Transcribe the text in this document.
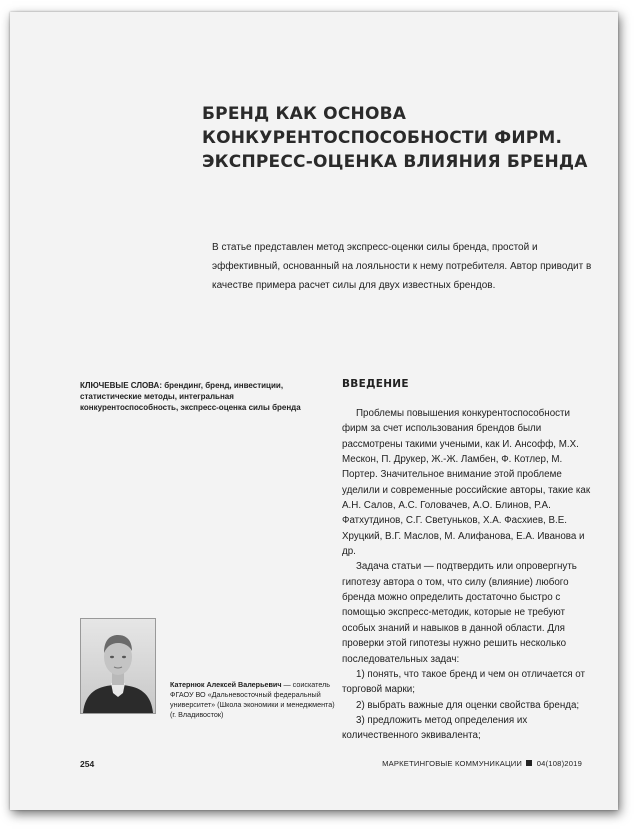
БРЕНД КАК ОСНОВА
КОНКУРЕНТОСПОСОБНОСТИ ФИРМ.
ЭКСПРЕСС-ОЦЕНКА ВЛИЯНИЯ БРЕНДА
В статье представлен метод экспресс-оценки силы бренда, простой и эффективный, основанный на лояльности к нему потребителя. Автор приводит в качестве примера расчет силы для двух известных брендов.
КЛЮЧЕВЫЕ СЛОВА: брендинг, бренд, инвестиции, статистические методы, интегральная конкурентоспособность, экспресс-оценка силы бренда
ВВЕДЕНИЕ

Проблемы повышения конкурентоспособности фирм за счет использования брендов были рассмотрены такими учеными, как И. Ансофф, М.Х. Мескон, П. Друкер, Ж.-Ж. Ламбен, Ф. Котлер, М. Портер. Значительное внимание этой проблеме уделили и современные российские авторы, такие как А.Н. Салов, А.С. Головачев, А.О. Блинов, Р.А. Фатхутдинов, С.Г. Светуньков, Х.А. Фасхиев, В.Е. Хруцкий, В.Г. Маслов, М. Алифанова, Е.А. Иванова и др.

Задача статьи — подтвердить или опровергнуть гипотезу автора о том, что силу (влияние) любого бренда можно определить достаточно быстро с помощью экспресс-методик, которые не требуют особых знаний и навыков в данной области. Для проверки этой гипотезы нужно решить несколько последовательных задач:

1) понять, что такое бренд и чем он отличается от торговой марки;

2) выбрать важные для оценки свойства бренда;

3) предложить метод определения их количественного эквивалента;

Катернюк Алексей Валерьевич — соискатель ФГАОУ ВО «Дальневосточный федеральный университет» (Школа экономики и менеджмента) (г. Владивосток)
254	МАРКЕТИНГОВЫЕ КОММУНИКАЦИИ 04(108)2019
